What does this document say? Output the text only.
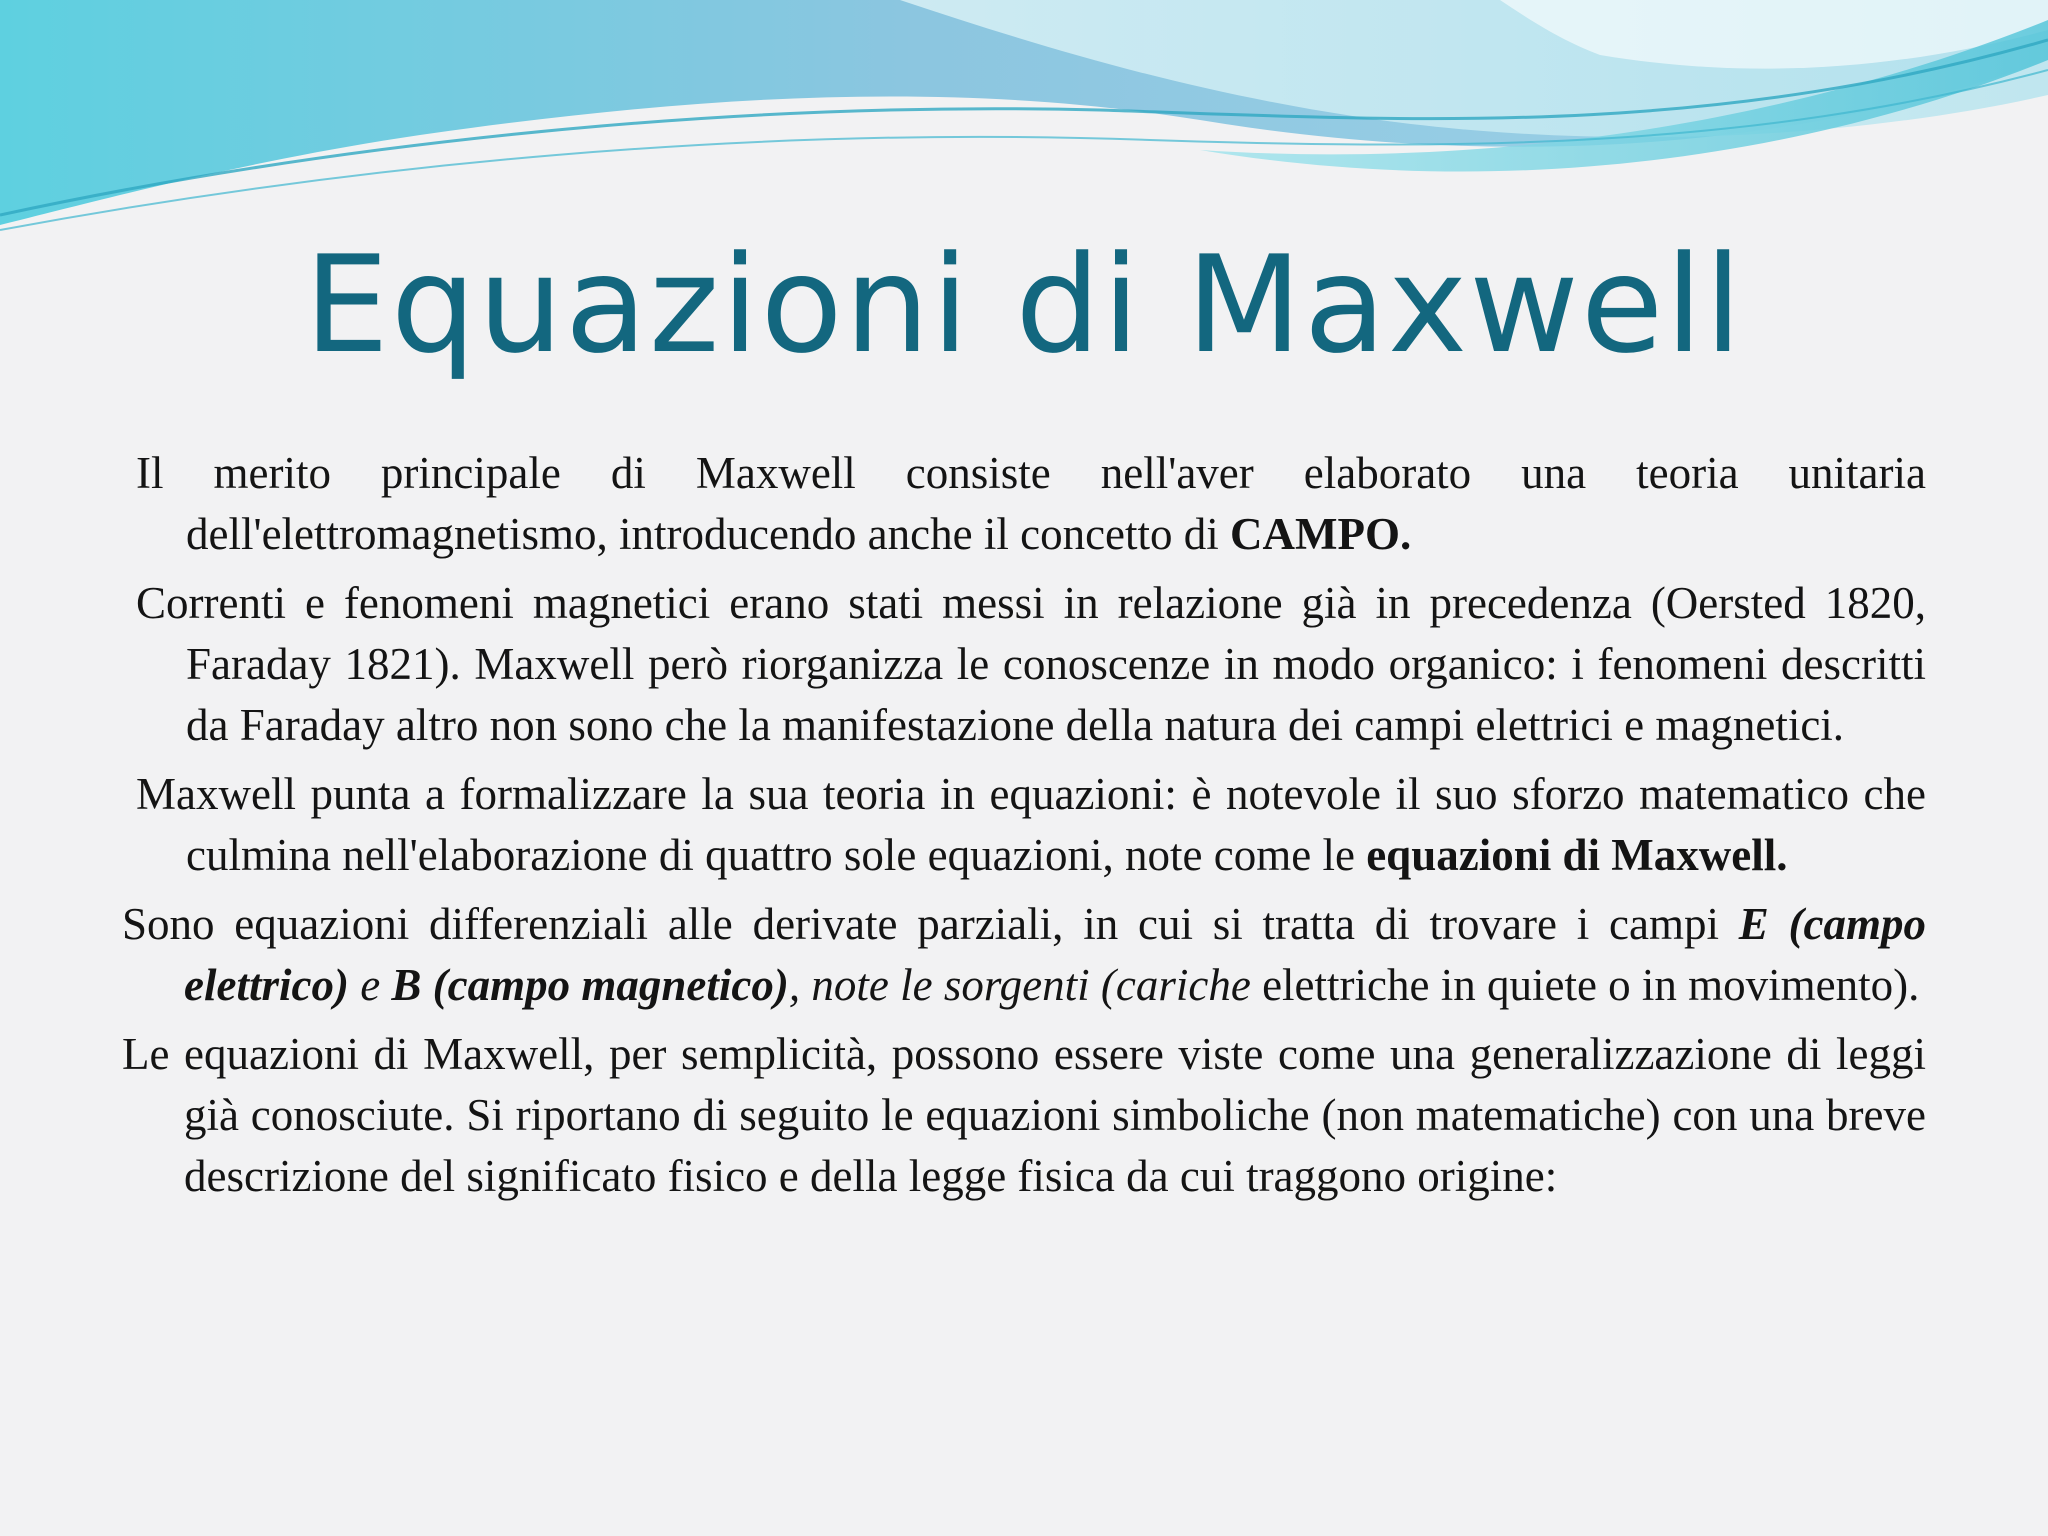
Equazioni di Maxwell

Il merito principale di Maxwell consiste nell'aver elaborato una teoria unitaria dell'elettromagnetismo, introducendo anche il concetto di CAMPO.

Correnti e fenomeni magnetici erano stati messi in relazione già in precedenza (Oersted 1820, Faraday 1821). Maxwell però riorganizza le conoscenze in modo organico: i fenomeni descritti da Faraday altro non sono che la manifestazione della natura dei campi elettrici e magnetici.

Maxwell punta a formalizzare la sua teoria in equazioni: è notevole il suo sforzo matematico che culmina nell'elaborazione di quattro sole equazioni, note come le equazioni di Maxwell.

Sono equazioni differenziali alle derivate parziali, in cui si tratta di trovare i campi E (campo elettrico) e B (campo magnetico), note le sorgenti (cariche elettriche in quiete o in movimento).

Le equazioni di Maxwell, per semplicità, possono essere viste come una generalizzazione di leggi già conosciute. Si riportano di seguito le equazioni simboliche (non matematiche) con una breve descrizione del significato fisico e della legge fisica da cui traggono origine:
